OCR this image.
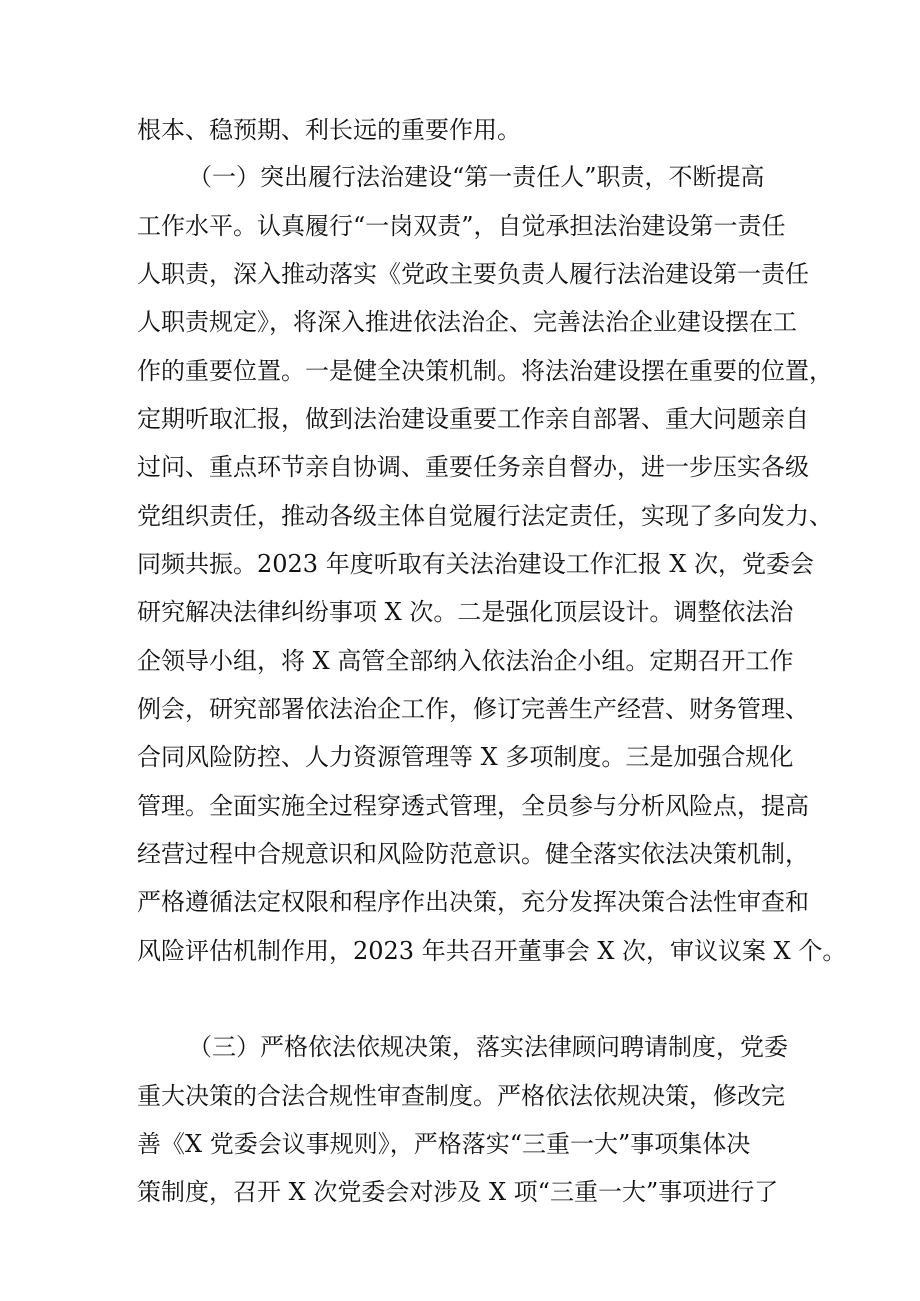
根本、稳预期、利长远的重要作用。

（一）突出履行法治建设“第一责任人”职责，不断提高

工作水平。认真履行“一岗双责”，自觉承担法治建设第一责任

人职责，深入推动落实《党政主要负责人履行法治建设第一责任

人职责规定》，将深入推进依法治企、完善法治企业建设摆在工

作的重要位置。一是健全决策机制。将法治建设摆在重要的位置，

定期听取汇报，做到法治建设重要工作亲自部署、重大问题亲自

过问、重点环节亲自协调、重要任务亲自督办，进一步压实各级

党组织责任，推动各级主体自觉履行法定责任，实现了多向发力、

同频共振。2023 年度听取有关法治建设工作汇报 X 次，党委会

研究解决法律纠纷事项 X 次。二是强化顶层设计。调整依法治

企领导小组，将 X 高管全部纳入依法治企小组。定期召开工作

例会，研究部署依法治企工作，修订完善生产经营、财务管理、

合同风险防控、人力资源管理等 X 多项制度。三是加强合规化

管理。全面实施全过程穿透式管理，全员参与分析风险点，提高

经营过程中合规意识和风险防范意识。健全落实依法决策机制，

严格遵循法定权限和程序作出决策，充分发挥决策合法性审查和

风险评估机制作用，2023 年共召开董事会 X 次，审议议案 X 个。

（三）严格依法依规决策，落实法律顾问聘请制度，党委

重大决策的合法合规性审查制度。严格依法依规决策，修改完

善《X 党委会议事规则》，严格落实“三重一大”事项集体决

策制度，召开 X 次党委会对涉及 X 项“三重一大”事项进行了
